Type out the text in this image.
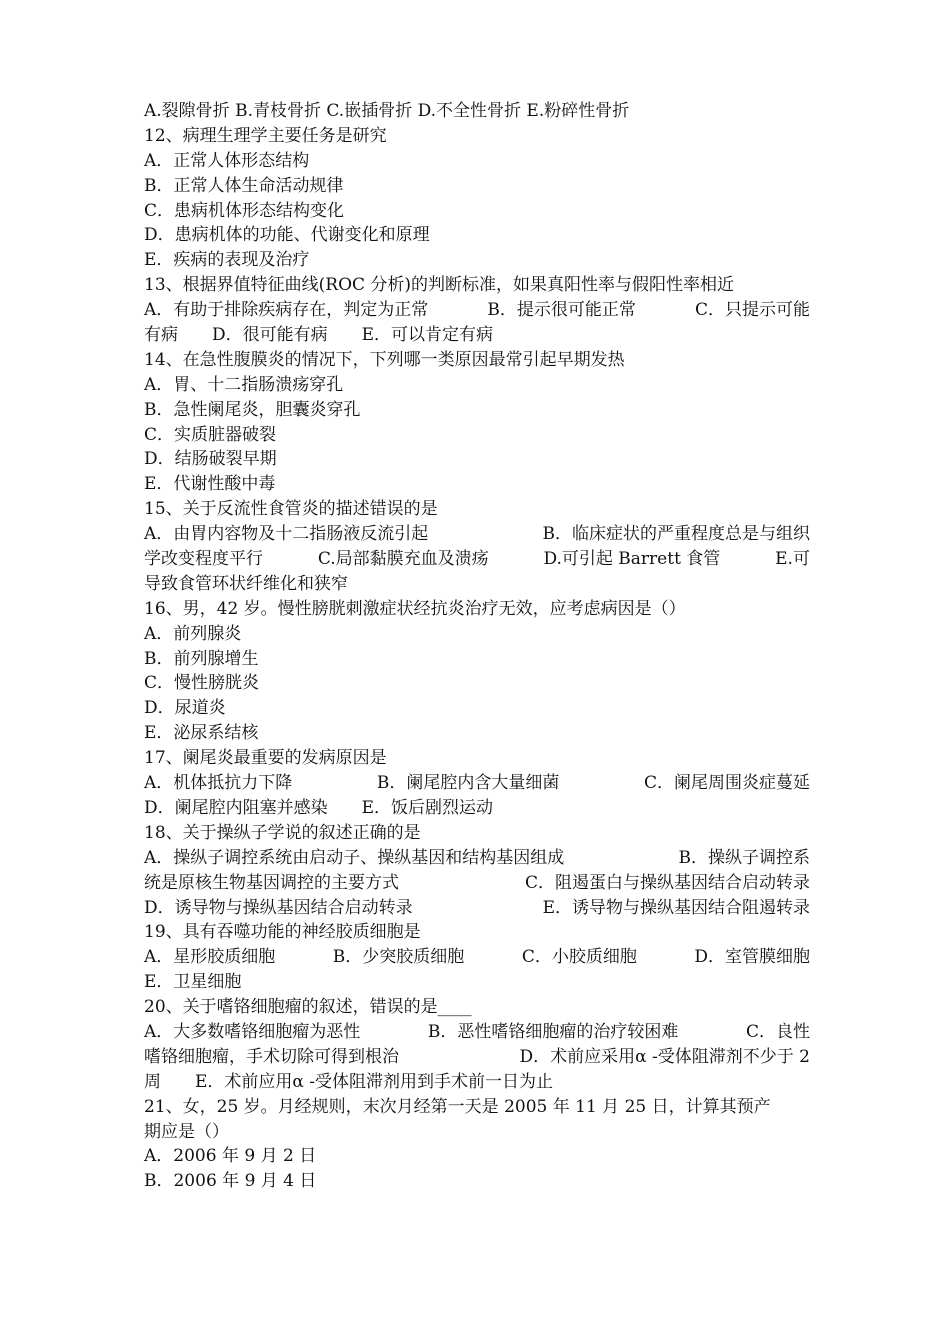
A.裂隙骨折 B.青枝骨折 C.嵌插骨折 D.不全性骨折 E.粉碎性骨折
12、病理生理学主要任务是研究
A．正常人体形态结构
B．正常人体生命活动规律
C．患病机体形态结构变化
D．患病机体的功能、代谢变化和原理
E．疾病的表现及治疗
13、根据界值特征曲线(ROC 分析)的判断标准，如果真阳性率与假阳性率相近
A．有助于排除疾病存在，判定为正常	B．提示很可能正常	C．只提示可能
有病　　D．很可能有病　　E．可以肯定有病
14、在急性腹膜炎的情况下，下列哪一类原因最常引起早期发热
A．胃、十二指肠溃疡穿孔
B．急性阑尾炎，胆囊炎穿孔
C．实质脏器破裂
D．结肠破裂早期
E．代谢性酸中毒
15、关于反流性食管炎的描述错误的是
A．由胃内容物及十二指肠液反流引起	B．临床症状的严重程度总是与组织
学改变程度平行	C.局部黏膜充血及溃疡	D.可引起 Barrett 食管	E.可
导致食管环状纤维化和狭窄
16、男，42 岁。慢性膀胱刺激症状经抗炎治疗无效，应考虑病因是（）
A．前列腺炎
B．前列腺增生
C．慢性膀胱炎
D．尿道炎
E．泌尿系结核
17、阑尾炎最重要的发病原因是
A．机体抵抗力下降	B．阑尾腔内含大量细菌	C．阑尾周围炎症蔓延
D．阑尾腔内阻塞并感染　　E．饭后剧烈运动
18、关于操纵子学说的叙述正确的是
A．操纵子调控系统由启动子、操纵基因和结构基因组成	B．操纵子调控系
统是原核生物基因调控的主要方式	C．阻遏蛋白与操纵基因结合启动转录
D．诱导物与操纵基因结合启动转录	E．诱导物与操纵基因结合阻遏转录
19、具有吞噬功能的神经胶质细胞是
A．星形胶质细胞	B．少突胶质细胞	C．小胶质细胞	D．室管膜细胞
E．卫星细胞
20、关于嗜铬细胞瘤的叙述，错误的是____
A．大多数嗜铬细胞瘤为恶性	B．恶性嗜铬细胞瘤的治疗较困难	C．良性
嗜铬细胞瘤，手术切除可得到根治	D．术前应采用α -受体阻滞剂不少于 2
周　　E．术前应用α -受体阻滞剂用到手术前一日为止
21、女，25 岁。月经规则，末次月经第一天是 2005 年 11 月 25 日，计算其预产
期应是（）
A．2006 年 9 月 2 日
B．2006 年 9 月 4 日
